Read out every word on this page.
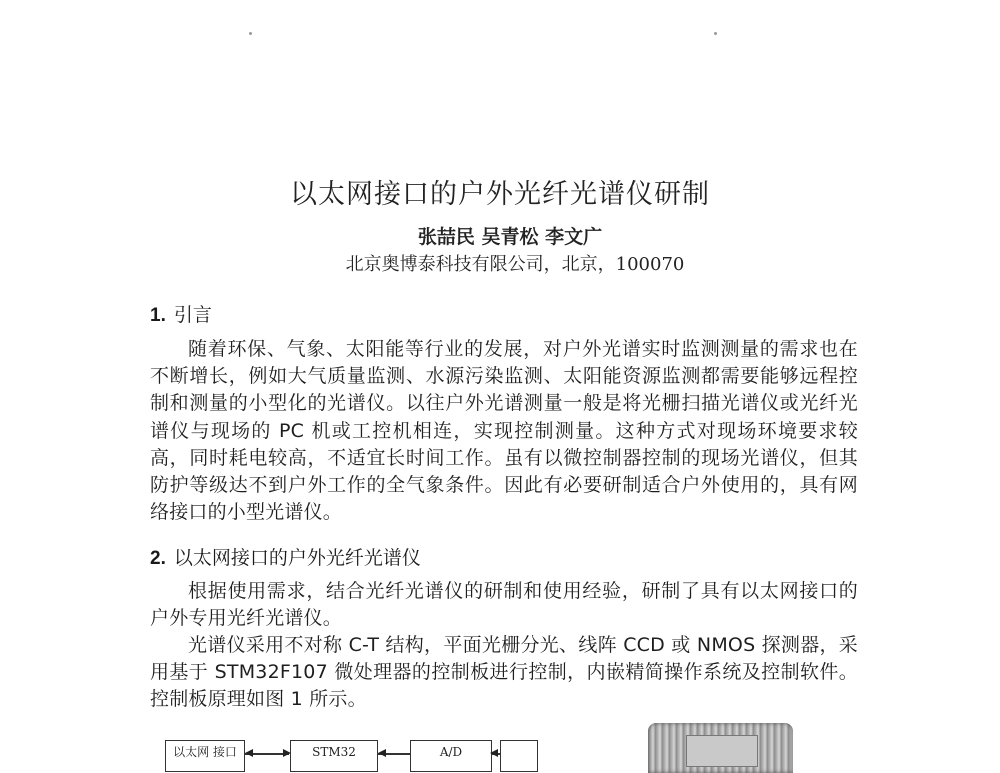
以太网接口的户外光纤光谱仪研制
张喆民 吴青松 李文广
北京奥博泰科技有限公司，北京，100070
1. 引言
随着环保、气象、太阳能等行业的发展，对户外光谱实时监测测量的需求也在不断增长，例如大气质量监测、水源污染监测、太阳能资源监测都需要能够远程控制和测量的小型化的光谱仪。以往户外光谱测量一般是将光栅扫描光谱仪或光纤光谱仪与现场的 PC 机或工控机相连，实现控制测量。这种方式对现场环境要求较高，同时耗电较高，不适宜长时间工作。虽有以微控制器控制的现场光谱仪，但其防护等级达不到户外工作的全气象条件。因此有必要研制适合户外使用的，具有网络接口的小型光谱仪。
2. 以太网接口的户外光纤光谱仪
根据使用需求，结合光纤光谱仪的研制和使用经验，研制了具有以太网接口的户外专用光纤光谱仪。
光谱仪采用不对称 C-T 结构，平面光栅分光、线阵 CCD 或 NMOS 探测器，采用基于 STM32F107 微处理器的控制板进行控制，内嵌精简操作系统及控制软件。控制板原理如图 1 所示。
以太网 接口	STM32	A/D
